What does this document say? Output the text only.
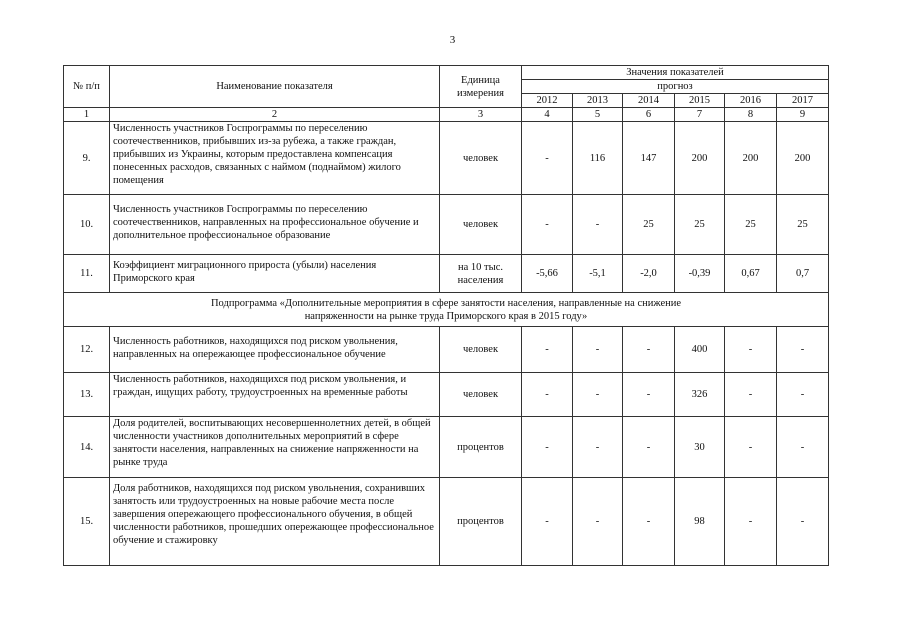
3
№ п/п	Наименование показателя	Единица измерения	Значения показателей					
			прогноз					
			2012	2013	2014	2015	2016	2017
1	2	3	4	5	6	7	8	9
9.	Численность участников Госпрограммы по переселению соотечественников, прибывших из-за рубежа, а также граждан, прибывших из Украины, которым предоставлена компенсация понесенных расходов, связанных с наймом (поднаймом) жилого помещения	человек	-	116	147	200	200	200
10.	Численность участников Госпрограммы по переселению соотечественников, направленных на профессиональное обучение и дополнительное профессиональное образование	человек	-	-	25	25	25	25
11.	Коэффициент миграционного прироста (убыли) населения Приморского края	на 10 тыс. населения	-5,66	-5,1	-2,0	-0,39	0,67	0,7
Подпрограмма «Дополнительные мероприятия в сфере занятости населения, направленные на снижение напряженности на рынке труда Приморского края в 2015 году»								
12.	Численность работников, находящихся под риском увольнения, направленных на опережающее профессиональное обучение	человек	-	-	-	400	-	-
13.	Численность работников, находящихся под риском увольнения, и граждан, ищущих работу, трудоустроенных на временные работы	человек	-	-	-	326	-	-
14.	Доля родителей, воспитывающих несовершеннолетних детей, в общей численности участников дополнительных мероприятий в сфере занятости населения, направленных на снижение напряженности на рынке труда	процентов	-	-	-	30	-	-
15.	Доля работников, находящихся под риском увольнения, сохранивших занятость или трудоустроенных на новые рабочие места после завершения опережающего профессионального обучения, в общей численности работников, прошедших опережающее профессиональное обучение и стажировку	процентов	-	-	-	98	-	-
